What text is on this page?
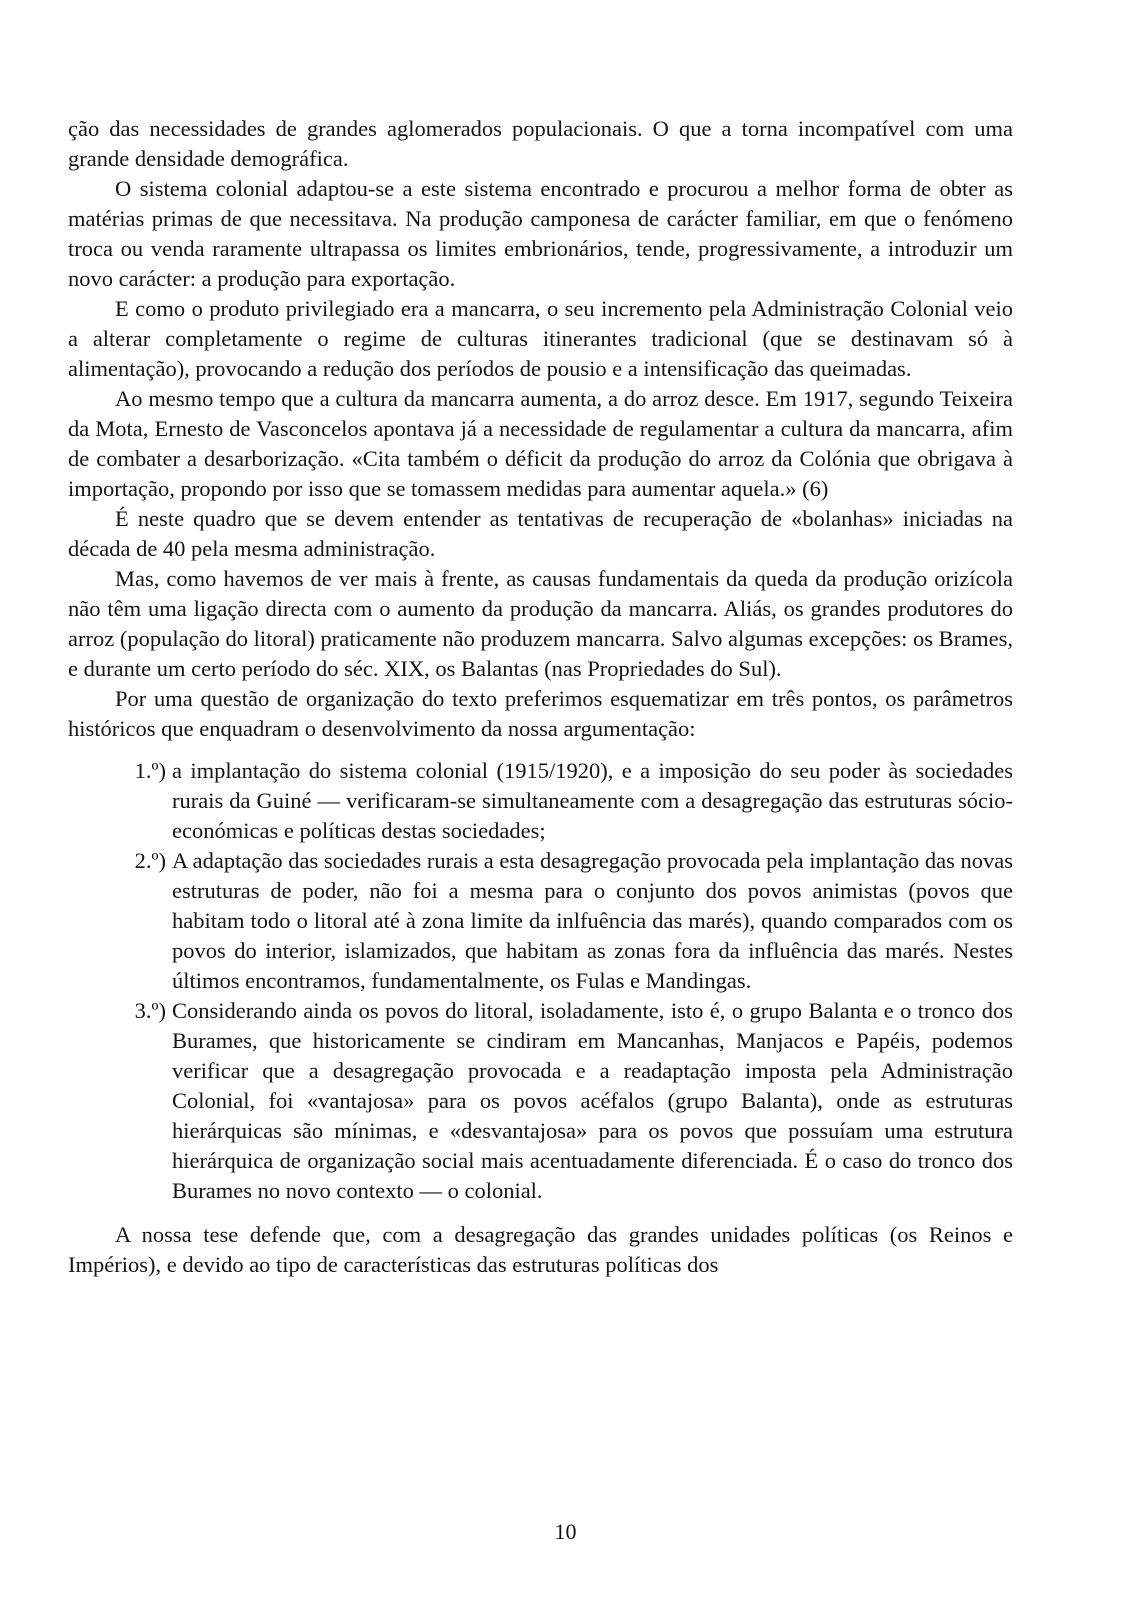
ção das necessidades de grandes aglomerados populacionais. O que a torna incompatível com uma grande densidade demográfica.

O sistema colonial adaptou-se a este sistema encontrado e procurou a melhor forma de obter as matérias primas de que necessitava. Na produção camponesa de carácter familiar, em que o fenómeno troca ou venda raramente ultrapassa os limites embrionários, tende, progressivamente, a introduzir um novo carácter: a produção para exportação.

E como o produto privilegiado era a mancarra, o seu incremento pela Administração Colonial veio a alterar completamente o regime de culturas itinerantes tradicional (que se destinavam só à alimentação), provocando a redução dos períodos de pousio e a intensificação das queimadas.

Ao mesmo tempo que a cultura da mancarra aumenta, a do arroz desce. Em 1917, segundo Teixeira da Mota, Ernesto de Vasconcelos apontava já a necessidade de regulamentar a cultura da mancarra, afim de combater a desarborização. «Cita também o déficit da produção do arroz da Colónia que obrigava à importação, propondo por isso que se tomassem medidas para aumentar aquela.» (6)

É neste quadro que se devem entender as tentativas de recuperação de «bolanhas» iniciadas na década de 40 pela mesma administração.

Mas, como havemos de ver mais à frente, as causas fundamentais da queda da produção orizícola não têm uma ligação directa com o aumento da produção da mancarra. Aliás, os grandes produtores do arroz (população do litoral) praticamente não produzem mancarra. Salvo algumas excepções: os Brames, e durante um certo período do séc. XIX, os Balantas (nas Propriedades do Sul).

Por uma questão de organização do texto preferimos esquematizar em três pontos, os parâmetros históricos que enquadram o desenvolvimento da nossa argumentação:

1.º) a implantação do sistema colonial (1915/1920), e a imposição do seu poder às sociedades rurais da Guiné — verificaram-se simultaneamente com a desagregação das estruturas sócio-económicas e políticas destas sociedades;

2.º) A adaptação das sociedades rurais a esta desagregação provocada pela implantação das novas estruturas de poder, não foi a mesma para o conjunto dos povos animistas (povos que habitam todo o litoral até à zona limite da inlfuência das marés), quando comparados com os povos do interior, islamizados, que habitam as zonas fora da influência das marés. Nestes últimos encontramos, fundamentalmente, os Fulas e Mandingas.

3.º) Considerando ainda os povos do litoral, isoladamente, isto é, o grupo Balanta e o tronco dos Burames, que historicamente se cindiram em Mancanhas, Manjacos e Papéis, podemos verificar que a desagregação provocada e a readaptação imposta pela Administração Colonial, foi «vantajosa» para os povos acéfalos (grupo Balanta), onde as estruturas hierárquicas são mínimas, e «desvantajosa» para os povos que possuíam uma estrutura hierárquica de organização social mais acentuadamente diferenciada. É o caso do tronco dos Burames no novo contexto — o colonial.

A nossa tese defende que, com a desagregação das grandes unidades políticas (os Reinos e Impérios), e devido ao tipo de características das estruturas políticas dos

10
